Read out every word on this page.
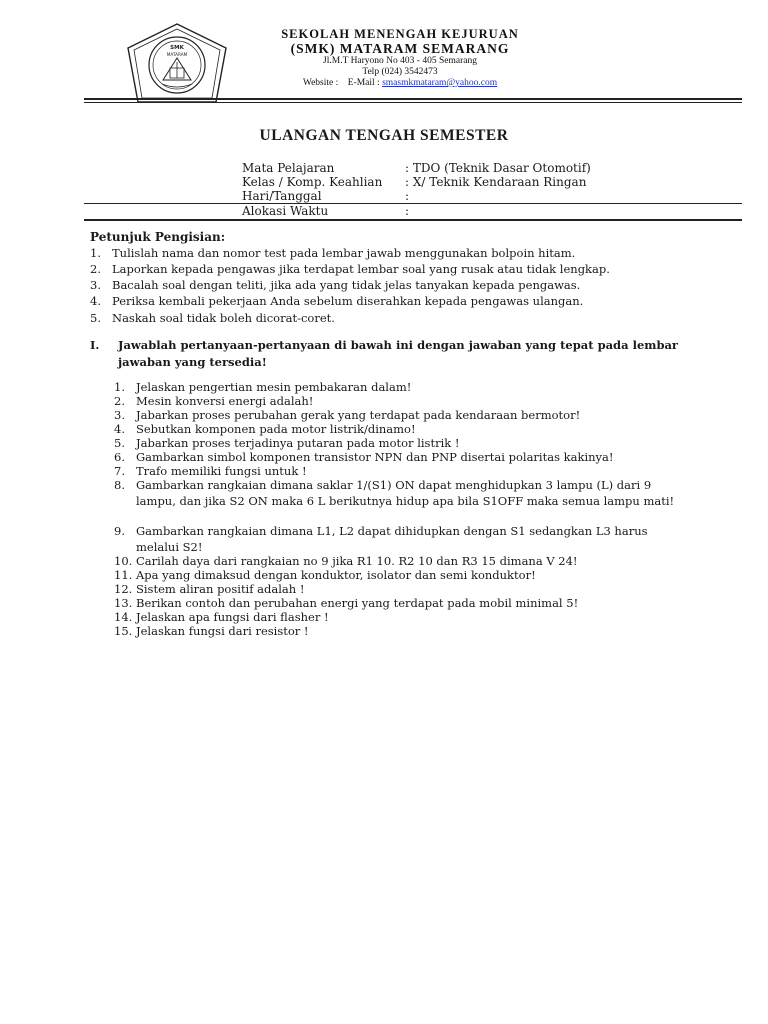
SMK
MATARAM
SEKOLAH MENENGAH KEJURUAN
(SMK) MATARAM SEMARANG
Jl.M.T Haryono No 403 - 405 Semarang
Telp (024) 3542473
Website : E-Mail : smasmkmataram@yahoo.com
ULANGAN TENGAH SEMESTER
Mata Pelajaran	: TDO (Teknik Dasar Otomotif)
Kelas / Komp. Keahlian : X/ Teknik Kendaraan Ringan
Hari/Tanggal	:
Alokasi Waktu	:
Petunjuk Pengisian:
1. Tulislah nama dan nomor test pada lembar jawab menggunakan bolpoin hitam.
2. Laporkan kepada pengawas jika terdapat lembar soal yang rusak atau tidak lengkap.
3. Bacalah soal dengan teliti, jika ada yang tidak jelas tanyakan kepada pengawas.
4. Periksa kembali pekerjaan Anda sebelum diserahkan kepada pengawas ulangan.
5. Naskah soal tidak boleh dicorat-coret.
I. Jawablah pertanyaan-pertanyaan di bawah ini dengan jawaban yang tepat pada lembar jawaban yang tersedia!
1. Jelaskan pengertian mesin pembakaran dalam!
2. Mesin konversi energi adalah!
3. Jabarkan proses perubahan gerak yang terdapat pada kendaraan bermotor!
4. Sebutkan komponen pada motor listrik/dinamo!
5. Jabarkan proses terjadinya putaran pada motor listrik !
6. Gambarkan simbol komponen transistor NPN dan PNP disertai polaritas kakinya!
7. Trafo memiliki fungsi untuk !
8. Gambarkan rangkaian dimana saklar 1/(S1) ON dapat menghidupkan 3 lampu (L) dari 9 lampu, dan jika S2 ON maka 6 L berikutnya hidup apa bila S1OFF maka semua lampu mati!
9. Gambarkan rangkaian dimana L1, L2 dapat dihidupkan dengan S1 sedangkan L3 harus melalui S2!
10. Carilah daya dari rangkaian no 9 jika R1 10. R2 10 dan R3 15 dimana V 24!
11. Apa yang dimaksud dengan konduktor, isolator dan semi konduktor!
12. Sistem aliran positif adalah !
13. Berikan contoh dan perubahan energi yang terdapat pada mobil minimal 5!
14. Jelaskan apa fungsi dari flasher !
15. Jelaskan fungsi dari resistor !
